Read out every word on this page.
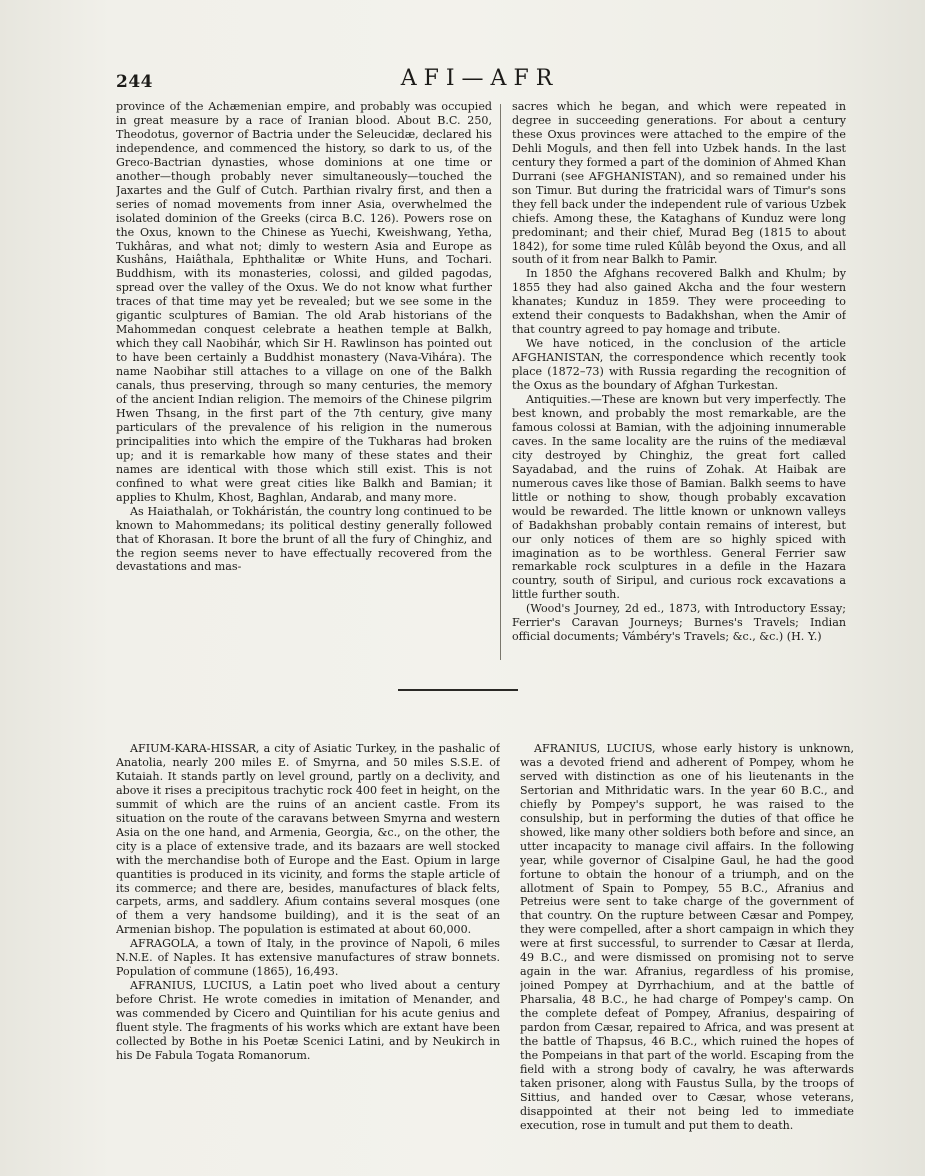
244	AFI—AFR

province of the Achæmenian empire, and probably was occupied in great measure by a race of Iranian blood. About B.C. 250, Theodotus, governor of Bactria under the Seleucidæ, declared his independence, and commenced the history, so dark to us, of the Greco-Bactrian dynasties, whose dominions at one time or another—though probably never simultaneously—touched the Jaxartes and the Gulf of Cutch. Parthian rivalry first, and then a series of nomad movements from inner Asia, overwhelmed the isolated dominion of the Greeks (circa B.C. 126). Powers rose on the Oxus, known to the Chinese as Yuechi, Kweishwang, Yetha, Tukhâras, and what not; dimly to western Asia and Europe as Kushâns, Haiâthala, Ephthalitæ or White Huns, and Tochari. Buddhism, with its monasteries, colossi, and gilded pagodas, spread over the valley of the Oxus. We do not know what further traces of that time may yet be revealed; but we see some in the gigantic sculptures of Bamian. The old Arab historians of the Mahommedan conquest celebrate a heathen temple at Balkh, which they call Naobihár, which Sir H. Rawlinson has pointed out to have been certainly a Buddhist monastery (Nava-Vihára). The name Naobihar still attaches to a village on one of the Balkh canals, thus preserving, through so many centuries, the memory of the ancient Indian religion. The memoirs of the Chinese pilgrim Hwen Thsang, in the first part of the 7th century, give many particulars of the prevalence of his religion in the numerous principalities into which the empire of the Tukharas had broken up; and it is remarkable how many of these states and their names are identical with those which still exist. This is not confined to what were great cities like Balkh and Bamian; it applies to Khulm, Khost, Baghlan, Andarab, and many more.

As Haiathalah, or Tokháristán, the country long continued to be known to Mahommedans; its political destiny generally followed that of Khorasan. It bore the brunt of all the fury of Chinghiz, and the region seems never to have effectually recovered from the devastations and mas-

sacres which he began, and which were repeated in degree in succeeding generations. For about a century these Oxus provinces were attached to the empire of the Dehli Moguls, and then fell into Uzbek hands. In the last century they formed a part of the dominion of Ahmed Khan Durrani (see AFGHANISTAN), and so remained under his son Timur. But during the fratricidal wars of Timur's sons they fell back under the independent rule of various Uzbek chiefs. Among these, the Kataghans of Kunduz were long predominant; and their chief, Murad Beg (1815 to about 1842), for some time ruled Kûlâb beyond the Oxus, and all south of it from near Balkh to Pamir.

In 1850 the Afghans recovered Balkh and Khulm; by 1855 they had also gained Akcha and the four western khanates; Kunduz in 1859. They were proceeding to extend their conquests to Badakhshan, when the Amir of that country agreed to pay homage and tribute.

We have noticed, in the conclusion of the article AFGHANISTAN, the correspondence which recently took place (1872–73) with Russia regarding the recognition of the Oxus as the boundary of Afghan Turkestan.

Antiquities.—These are known but very imperfectly. The best known, and probably the most remarkable, are the famous colossi at Bamian, with the adjoining innumerable caves. In the same locality are the ruins of the mediæval city destroyed by Chinghiz, the great fort called Sayadabad, and the ruins of Zohak. At Haibak are numerous caves like those of Bamian. Balkh seems to have little or nothing to show, though probably excavation would be rewarded. The little known or unknown valleys of Badakhshan probably contain remains of interest, but our only notices of them are so highly spiced with imagination as to be worthless. General Ferrier saw remarkable rock sculptures in a defile in the Hazara country, south of Siripul, and curious rock excavations a little further south.

(Wood's Journey, 2d ed., 1873, with Introductory Essay; Ferrier's Caravan Journeys; Burnes's Travels; Indian official documents; Vámbéry's Travels; &c., &c.) (H. Y.)

AFIUM-KARA-HISSAR, a city of Asiatic Turkey, in the pashalic of Anatolia, nearly 200 miles E. of Smyrna, and 50 miles S.S.E. of Kutaiah. It stands partly on level ground, partly on a declivity, and above it rises a precipitous trachytic rock 400 feet in height, on the summit of which are the ruins of an ancient castle. From its situation on the route of the caravans between Smyrna and western Asia on the one hand, and Armenia, Georgia, &c., on the other, the city is a place of extensive trade, and its bazaars are well stocked with the merchandise both of Europe and the East. Opium in large quantities is produced in its vicinity, and forms the staple article of its commerce; and there are, besides, manufactures of black felts, carpets, arms, and saddlery. Afium contains several mosques (one of them a very handsome building), and it is the seat of an Armenian bishop. The population is estimated at about 60,000.

AFRAGOLA, a town of Italy, in the province of Napoli, 6 miles N.N.E. of Naples. It has extensive manufactures of straw bonnets. Population of commune (1865), 16,493.

AFRANIUS, LUCIUS, a Latin poet who lived about a century before Christ. He wrote comedies in imitation of Menander, and was commended by Cicero and Quintilian for his acute genius and fluent style. The fragments of his works which are extant have been collected by Bothe in his Poetæ Scenici Latini, and by Neukirch in his De Fabula Togata Romanorum.

AFRANIUS, LUCIUS, whose early history is unknown, was a devoted friend and adherent of Pompey, whom he served with distinction as one of his lieutenants in the Sertorian and Mithridatic wars. In the year 60 B.C., and chiefly by Pompey's support, he was raised to the consulship, but in performing the duties of that office he showed, like many other soldiers both before and since, an utter incapacity to manage civil affairs. In the following year, while governor of Cisalpine Gaul, he had the good fortune to obtain the honour of a triumph, and on the allotment of Spain to Pompey, 55 B.C., Afranius and Petreius were sent to take charge of the government of that country. On the rupture between Cæsar and Pompey, they were compelled, after a short campaign in which they were at first successful, to surrender to Cæsar at Ilerda, 49 B.C., and were dismissed on promising not to serve again in the war. Afranius, regardless of his promise, joined Pompey at Dyrrhachium, and at the battle of Pharsalia, 48 B.C., he had charge of Pompey's camp. On the complete defeat of Pompey, Afranius, despairing of pardon from Cæsar, repaired to Africa, and was present at the battle of Thapsus, 46 B.C., which ruined the hopes of the Pompeians in that part of the world. Escaping from the field with a strong body of cavalry, he was afterwards taken prisoner, along with Faustus Sulla, by the troops of Sittius, and handed over to Cæsar, whose veterans, disappointed at their not being led to immediate execution, rose in tumult and put them to death.
